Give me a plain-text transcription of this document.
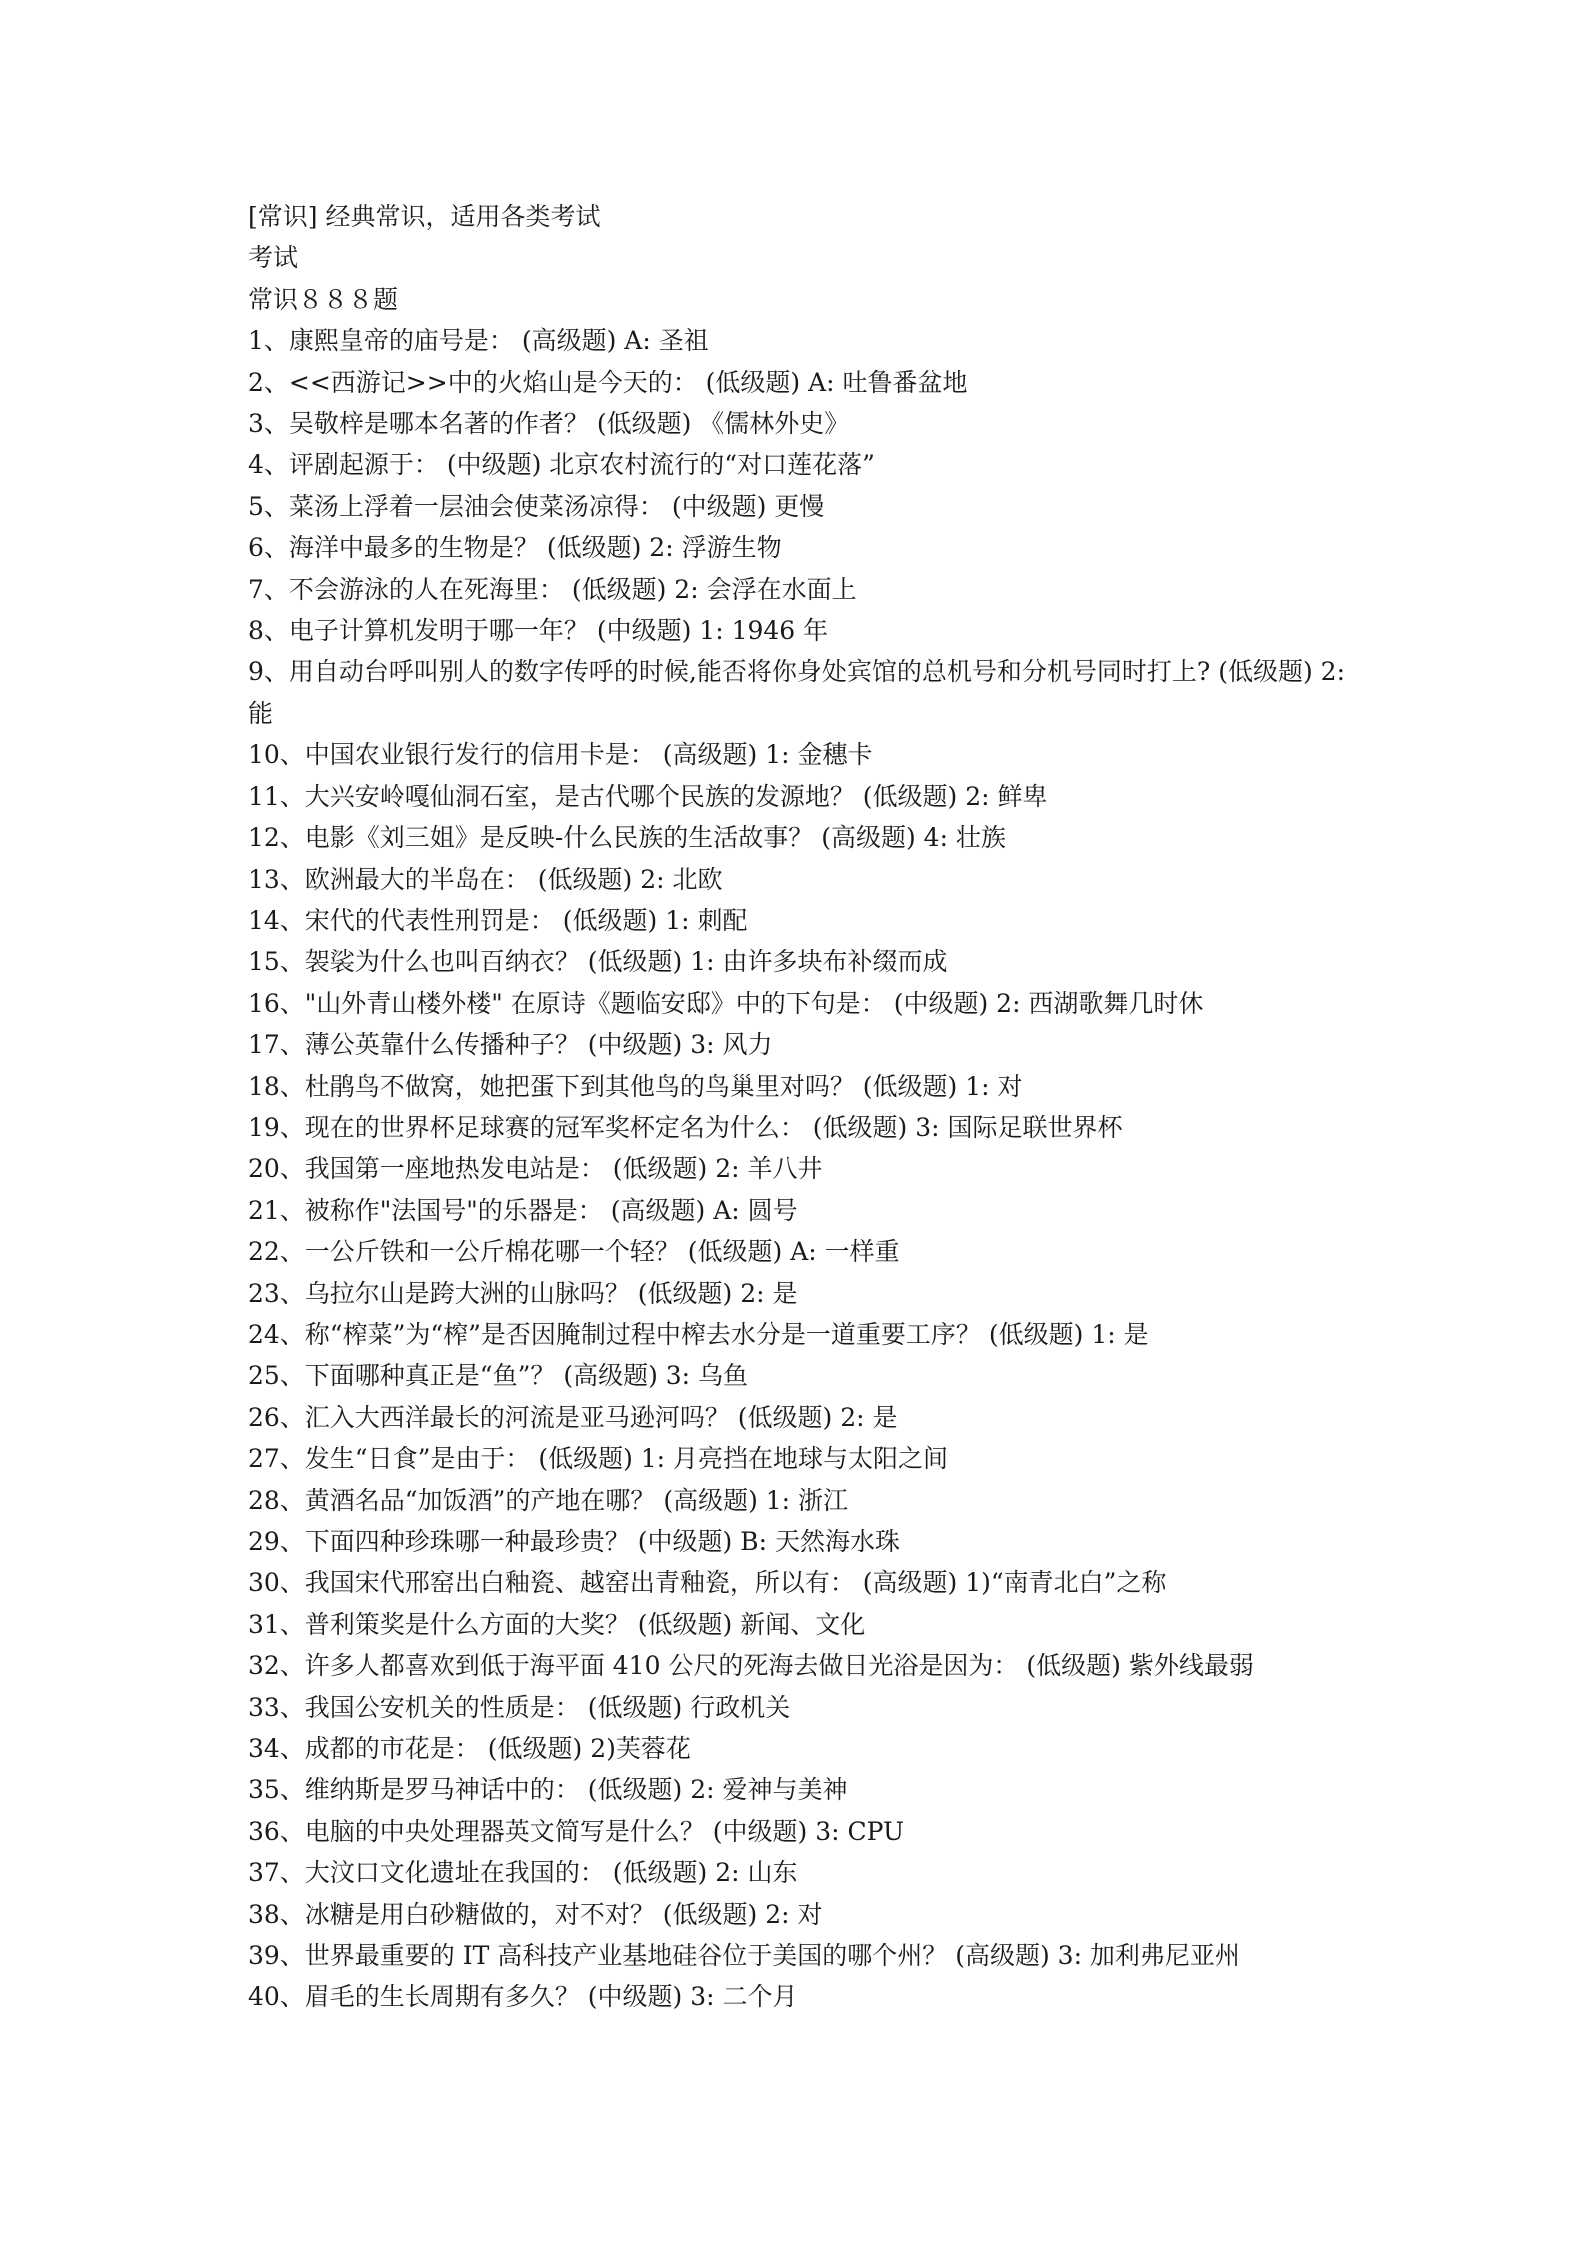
[常识] 经典常识，适用各类考试
考试
常识８８８题
1、康熙皇帝的庙号是： (高级题) A: 圣祖
2、<<西游记>>中的火焰山是今天的： (低级题) A: 吐鲁番盆地
3、吴敬梓是哪本名著的作者？ (低级题) 《儒林外史》
4、评剧起源于： (中级题) 北京农村流行的“对口莲花落”
5、菜汤上浮着一层油会使菜汤凉得： (中级题) 更慢
6、海洋中最多的生物是？ (低级题) 2: 浮游生物
7、不会游泳的人在死海里： (低级题) 2: 会浮在水面上
8、电子计算机发明于哪一年？ (中级题) 1: 1946 年
9、用自动台呼叫别人的数字传呼的时候,能否将你身处宾馆的总机号和分机号同时打上? (低级题) 2: 能
10、中国农业银行发行的信用卡是： (高级题) 1: 金穗卡
11、大兴安岭嘎仙洞石室，是古代哪个民族的发源地？ (低级题) 2: 鲜卑
12、电影《刘三姐》是反映-什么民族的生活故事？ (高级题) 4: 壮族
13、欧洲最大的半岛在： (低级题) 2: 北欧
14、宋代的代表性刑罚是： (低级题) 1: 刺配
15、袈裟为什么也叫百纳衣？ (低级题) 1: 由许多块布补缀而成
16、"山外青山楼外楼" 在原诗《题临安邸》中的下句是： (中级题) 2: 西湖歌舞几时休
17、薄公英靠什么传播种子？ (中级题) 3: 风力
18、杜鹃鸟不做窝，她把蛋下到其他鸟的鸟巢里对吗？ (低级题) 1: 对
19、现在的世界杯足球赛的冠军奖杯定名为什么： (低级题) 3: 国际足联世界杯
20、我国第一座地热发电站是： (低级题) 2: 羊八井
21、被称作"法国号"的乐器是： (高级题) A: 圆号
22、一公斤铁和一公斤棉花哪一个轻？ (低级题) A: 一样重
23、乌拉尔山是跨大洲的山脉吗？ (低级题) 2: 是
24、称“榨菜”为“榨”是否因腌制过程中榨去水分是一道重要工序？ (低级题) 1: 是
25、下面哪种真正是“鱼”？ (高级题) 3: 乌鱼
26、汇入大西洋最长的河流是亚马逊河吗？ (低级题) 2: 是
27、发生“日食”是由于： (低级题) 1: 月亮挡在地球与太阳之间
28、黄酒名品“加饭酒”的产地在哪？ (高级题) 1: 浙江
29、下面四种珍珠哪一种最珍贵？ (中级题) B: 天然海水珠
30、我国宋代邢窑出白釉瓷、越窑出青釉瓷，所以有： (高级题) 1)“南青北白”之称
31、普利策奖是什么方面的大奖？ (低级题) 新闻、文化
32、许多人都喜欢到低于海平面 410 公尺的死海去做日光浴是因为： (低级题) 紫外线最弱
33、我国公安机关的性质是： (低级题) 行政机关
34、成都的市花是： (低级题) 2)芙蓉花
35、维纳斯是罗马神话中的： (低级题) 2: 爱神与美神
36、电脑的中央处理器英文简写是什么？ (中级题) 3: CPU
37、大汶口文化遗址在我国的： (低级题) 2: 山东
38、冰糖是用白砂糖做的，对不对？ (低级题) 2: 对
39、世界最重要的 IT 高科技产业基地硅谷位于美国的哪个州？ (高级题) 3: 加利弗尼亚州
40、眉毛的生长周期有多久？ (中级题) 3: 二个月
